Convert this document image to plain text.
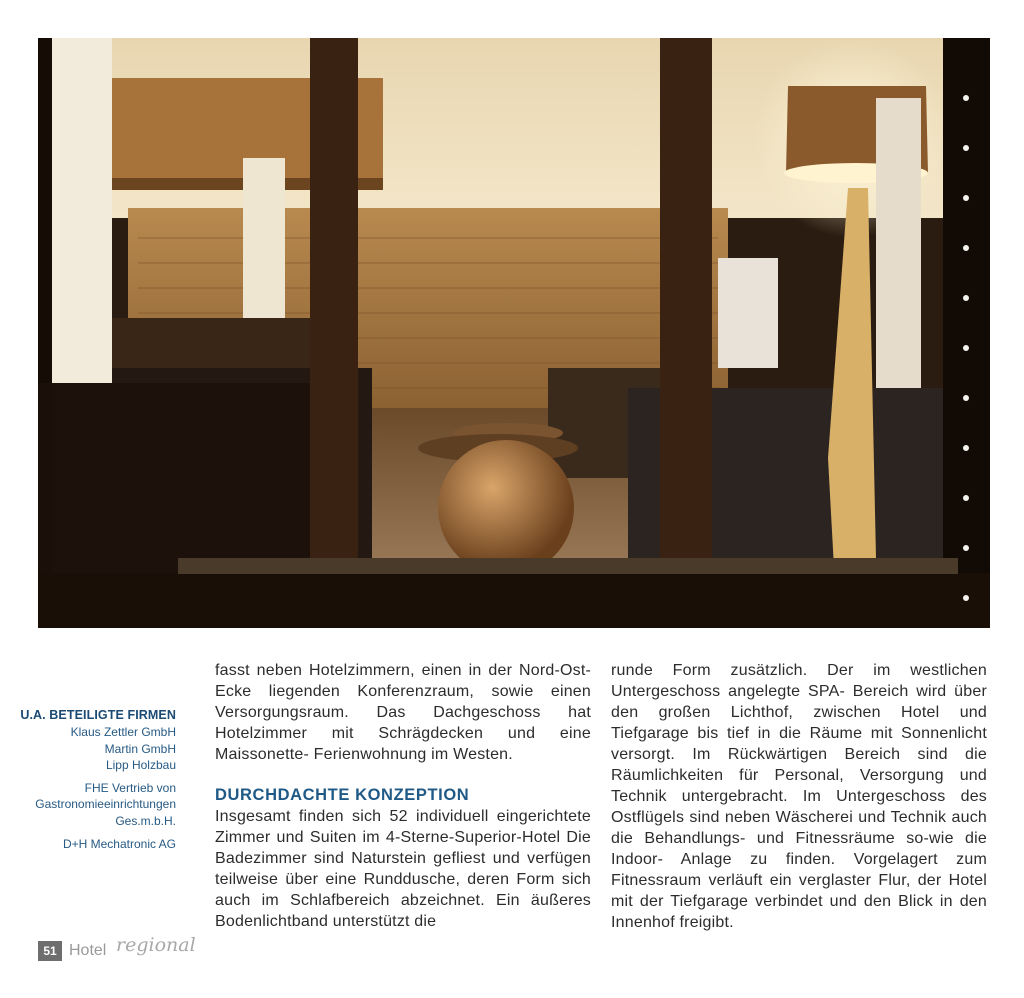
U.A. BETEILIGTE FIRMEN
Klaus Zettler GmbH
Martin GmbH
Lipp Holzbau
FHE Vertrieb von
Gastronomieeinrichtungen
Ges.m.b.H.
D+H Mechatronic AG

fasst neben Hotelzimmern, einen in der Nord-Ost-Ecke liegenden Konferenzraum, sowie einen Versorgungsraum. Das Dachgeschoss hat Hotelzimmer mit Schrägdecken und eine Maissonette- Ferienwohnung im Westen.

DURCHDACHTE KONZEPTION

Insgesamt finden sich 52 individuell eingerichtete Zimmer und Suiten im 4-Sterne-Superior-Hotel Die Badezimmer sind Naturstein gefliest und verfügen teilweise über eine Runddusche, deren Form sich auch im Schlafbereich abzeichnet. Ein äußeres Bodenlichtband unterstützt die

runde Form zusätzlich. Der im westlichen Untergeschoss angelegte SPA- Bereich wird über den großen Lichthof, zwischen Hotel und Tiefgarage bis tief in die Räume mit Sonnenlicht versorgt. Im Rückwärtigen Bereich sind die Räumlichkeiten für Personal, Versorgung und Technik untergebracht. Im Untergeschoss des Ostflügels sind neben Wäscherei und Technik auch die Behandlungs- und Fitnessräume so-wie die Indoor- Anlage zu finden. Vorgelagert zum Fitnessraum verläuft ein verglaster Flur, der Hotel mit der Tiefgarage verbindet und den Blick in den Innenhof freigibt.

51 Hotel regional
